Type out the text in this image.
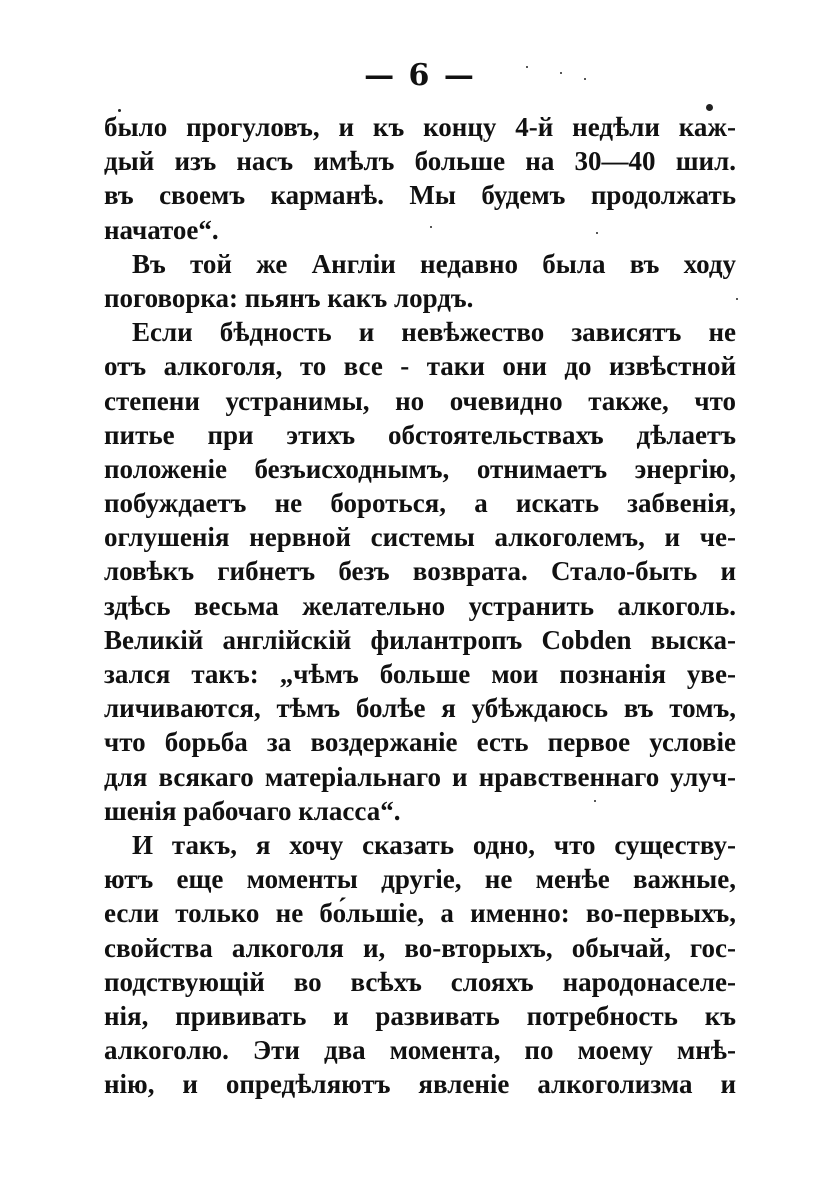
— 6 —
было прогуловъ, и къ концу 4-й недѣли каж-
дый изъ насъ имѣлъ больше на 30—40 шил.
въ своемъ карманѣ. Мы будемъ продолжать
начатое“.
Въ той же Англіи недавно была въ ходу
поговорка: пьянъ какъ лордъ.
Если бѣдность и невѣжество зависятъ не
отъ алкоголя, то все - таки они до извѣстной
степени устранимы, но очевидно также, что
питье при этихъ обстоятельствахъ дѣлаетъ
положеніе безъисходнымъ, отнимаетъ энергію,
побуждаетъ не бороться, а искать забвенія,
оглушенія нервной системы алкоголемъ, и че-
ловѣкъ гибнетъ безъ возврата. Стало-быть и
здѣсь весьма желательно устранить алкоголь.
Великій англійскій филантропъ Cobden выска-
зался такъ: „чѣмъ больше мои познанія уве-
личиваются, тѣмъ болѣе я убѣждаюсь въ томъ,
что борьба за воздержаніе есть первое условіе
для всякаго матеріальнаго и нравственнаго улуч-
шенія рабочаго класса“.
И такъ, я хочу сказать одно, что существу-
ютъ еще моменты другіе, не менѣе важные,
если только не бо́льшіе, а именно: во-первыхъ,
свойства алкоголя и, во-вторыхъ, обычай, гос-
подствующій во всѣхъ слояхъ народонаселе-
нія, прививать и развивать потребность къ
алкоголю. Эти два момента, по моему мнѣ-
нію, и опредѣляютъ явленіе алкоголизма и
